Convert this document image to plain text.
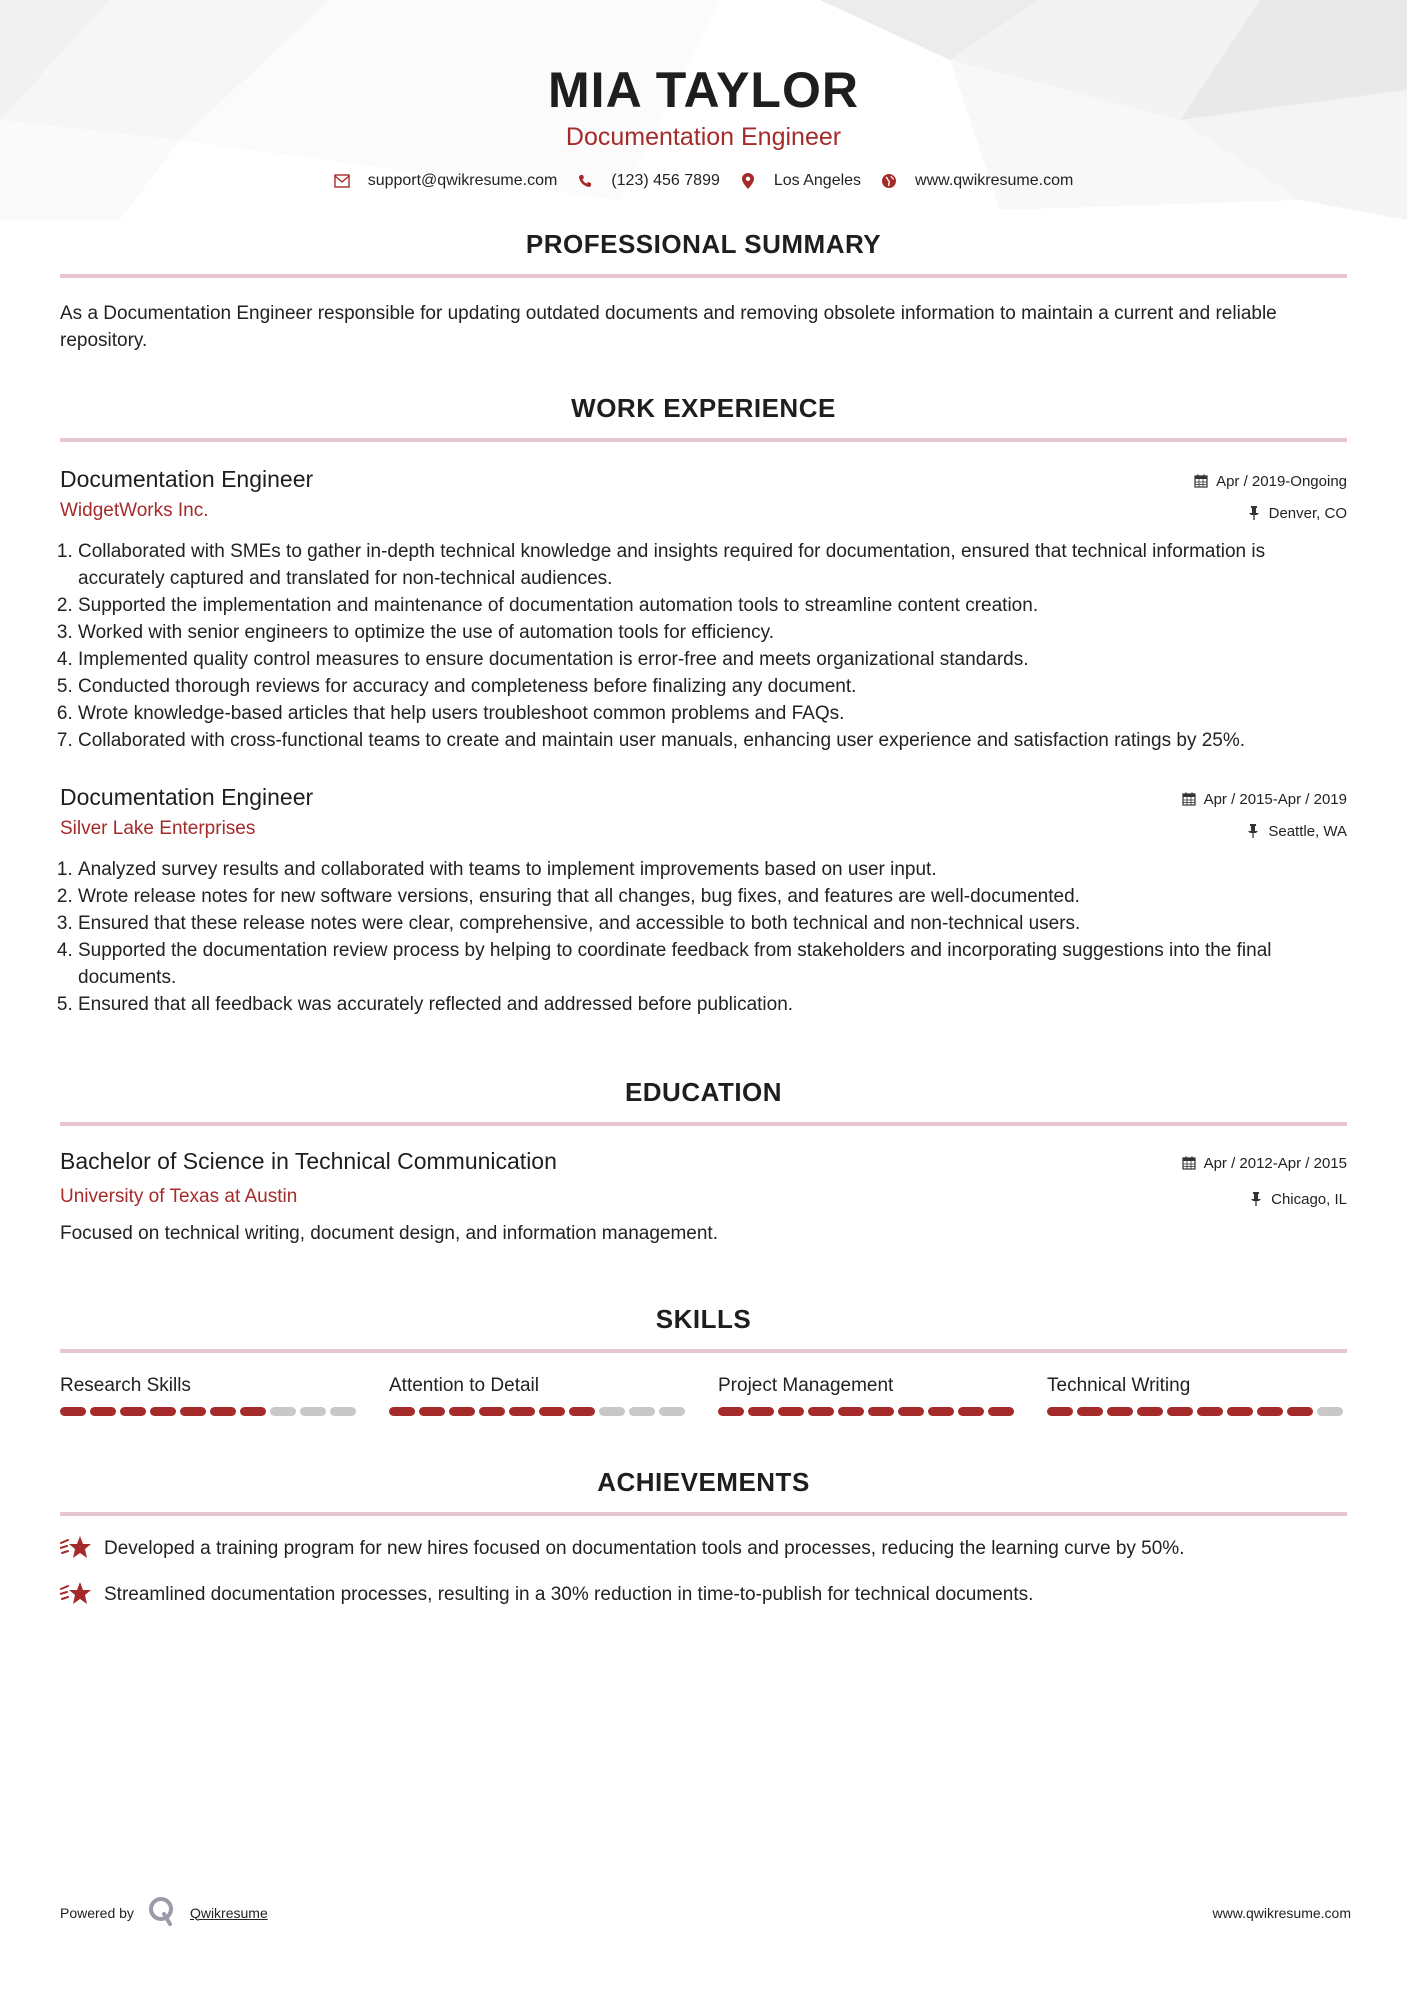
MIA TAYLOR
Documentation Engineer
support@qwikresume.com	(123) 456 7899	Los Angeles	www.qwikresume.com
PROFESSIONAL SUMMARY

As a Documentation Engineer responsible for updating outdated documents and removing obsolete information to maintain a current and reliable repository.

WORK EXPERIENCE
Documentation Engineer
WidgetWorks Inc.
Apr / 2019-Ongoing
Denver, CO
1. Collaborated with SMEs to gather in-depth technical knowledge and insights required for documentation, ensured that technical information is accurately captured and translated for non-technical audiences.
2. Supported the implementation and maintenance of documentation automation tools to streamline content creation.
3. Worked with senior engineers to optimize the use of automation tools for efficiency.
4. Implemented quality control measures to ensure documentation is error-free and meets organizational standards.
5. Conducted thorough reviews for accuracy and completeness before finalizing any document.
6. Wrote knowledge-based articles that help users troubleshoot common problems and FAQs.
7. Collaborated with cross-functional teams to create and maintain user manuals, enhancing user experience and satisfaction ratings by 25%.
Documentation Engineer
Silver Lake Enterprises
Apr / 2015-Apr / 2019
Seattle, WA
1. Analyzed survey results and collaborated with teams to implement improvements based on user input.
2. Wrote release notes for new software versions, ensuring that all changes, bug fixes, and features are well-documented.
3. Ensured that these release notes were clear, comprehensive, and accessible to both technical and non-technical users.
4. Supported the documentation review process by helping to coordinate feedback from stakeholders and incorporating suggestions into the final documents.
5. Ensured that all feedback was accurately reflected and addressed before publication.
EDUCATION
Bachelor of Science in Technical Communication
University of Texas at Austin
Apr / 2012-Apr / 2015
Chicago, IL

Focused on technical writing, document design, and information management.

SKILLS
Research Skills	Attention to Detail	Project Management	Technical Writing
ACHIEVEMENTS
Developed a training program for new hires focused on documentation tools and processes, reducing the learning curve by 50%.
Streamlined documentation processes, resulting in a 30% reduction in time-to-publish for technical documents.
Powered by	Qwikresume	www.qwikresume.com
